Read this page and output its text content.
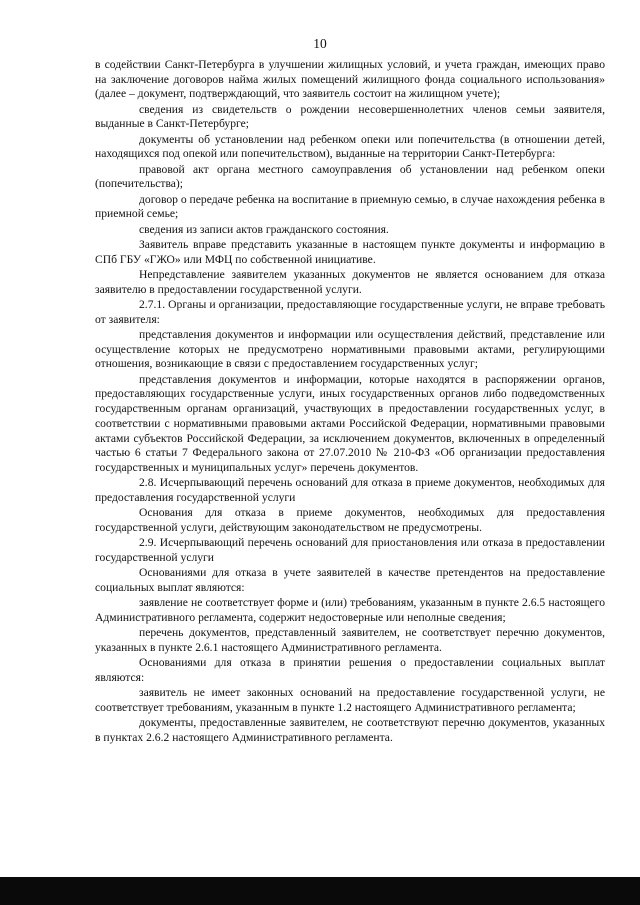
10

в содействии Санкт-Петербурга в улучшении жилищных условий, и учета граждан, имеющих право на заключение договоров найма жилых помещений жилищного фонда социального использования» (далее – документ, подтверждающий, что заявитель состоит на жилищном учете);

сведения из свидетельств о рождении несовершеннолетних членов семьи заявителя, выданные в Санкт-Петербурге;

документы об установлении над ребенком опеки или попечительства (в отношении детей, находящихся под опекой или попечительством), выданные на территории Санкт-Петербурга:

правовой акт органа местного самоуправления об установлении над ребенком опеки (попечительства);

договор о передаче ребенка на воспитание в приемную семью, в случае нахождения ребенка в приемной семье;

сведения из записи актов гражданского состояния.

Заявитель вправе представить указанные в настоящем пункте документы и информацию в СПб ГБУ «ГЖО» или МФЦ по собственной инициативе.

Непредставление заявителем указанных документов не является основанием для отказа заявителю в предоставлении государственной услуги.

2.7.1. Органы и организации, предоставляющие государственные услуги, не вправе требовать от заявителя:

представления документов и информации или осуществления действий, представление или осуществление которых не предусмотрено нормативными правовыми актами, регулирующими отношения, возникающие в связи с предоставлением государственных услуг;

представления документов и информации, которые находятся в распоряжении органов, предоставляющих государственные услуги, иных государственных органов либо подведомственных государственным органам организаций, участвующих в предоставлении государственных услуг, в соответствии с нормативными правовыми актами Российской Федерации, нормативными правовыми актами субъектов Российской Федерации, за исключением документов, включенных в определенный частью 6 статьи 7 Федерального закона от 27.07.2010 № 210-ФЗ «Об организации предоставления государственных и муниципальных услуг» перечень документов.

2.8. Исчерпывающий перечень оснований для отказа в приеме документов, необходимых для предоставления государственной услуги

Основания для отказа в приеме документов, необходимых для предоставления государственной услуги, действующим законодательством не предусмотрены.

2.9. Исчерпывающий перечень оснований для приостановления или отказа в предоставлении государственной услуги

Основаниями для отказа в учете заявителей в качестве претендентов на предоставление социальных выплат являются:

заявление не соответствует форме и (или) требованиям, указанным в пункте 2.6.5 настоящего Административного регламента, содержит недостоверные или неполные сведения;

перечень документов, представленный заявителем, не соответствует перечню документов, указанных в пункте 2.6.1 настоящего Административного регламента.

Основаниями для отказа в принятии решения о предоставлении социальных выплат являются:

заявитель не имеет законных оснований на предоставление государственной услуги, не соответствует требованиям, указанным в пункте 1.2 настоящего Административного регламента;

документы, предоставленные заявителем, не соответствуют перечню документов, указанных в пунктах 2.6.2 настоящего Административного регламента.
